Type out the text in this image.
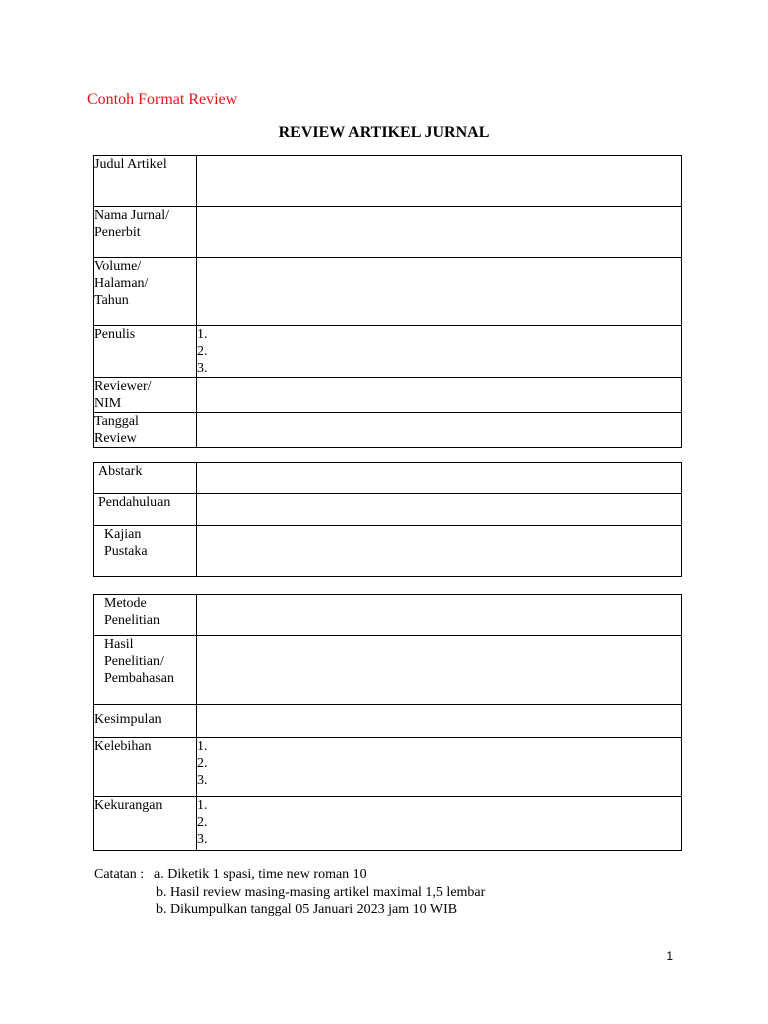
Contoh Format Review
REVIEW ARTIKEL JURNAL
Judul Artikel	

Nama Jurnal/
Penerbit	

Volume/
Halaman/
Tahun	

Penulis	1.
2.
3.

Reviewer/
NIM	

Tanggal
Review	

Abstark	

Pendahuluan	

Kajian
Pustaka	

Metode
Penelitian	

Hasil
Penelitian/
Pembahasan	

Kesimpulan	

Kelebihan	1.
2.
3.

Kekurangan	1.
2.
3.
Catatan : a. Diketik 1 spasi, time new roman 10
b. Hasil review masing-masing artikel maximal 1,5 lembar
b. Dikumpulkan tanggal 05 Januari 2023 jam 10 WIB
1
